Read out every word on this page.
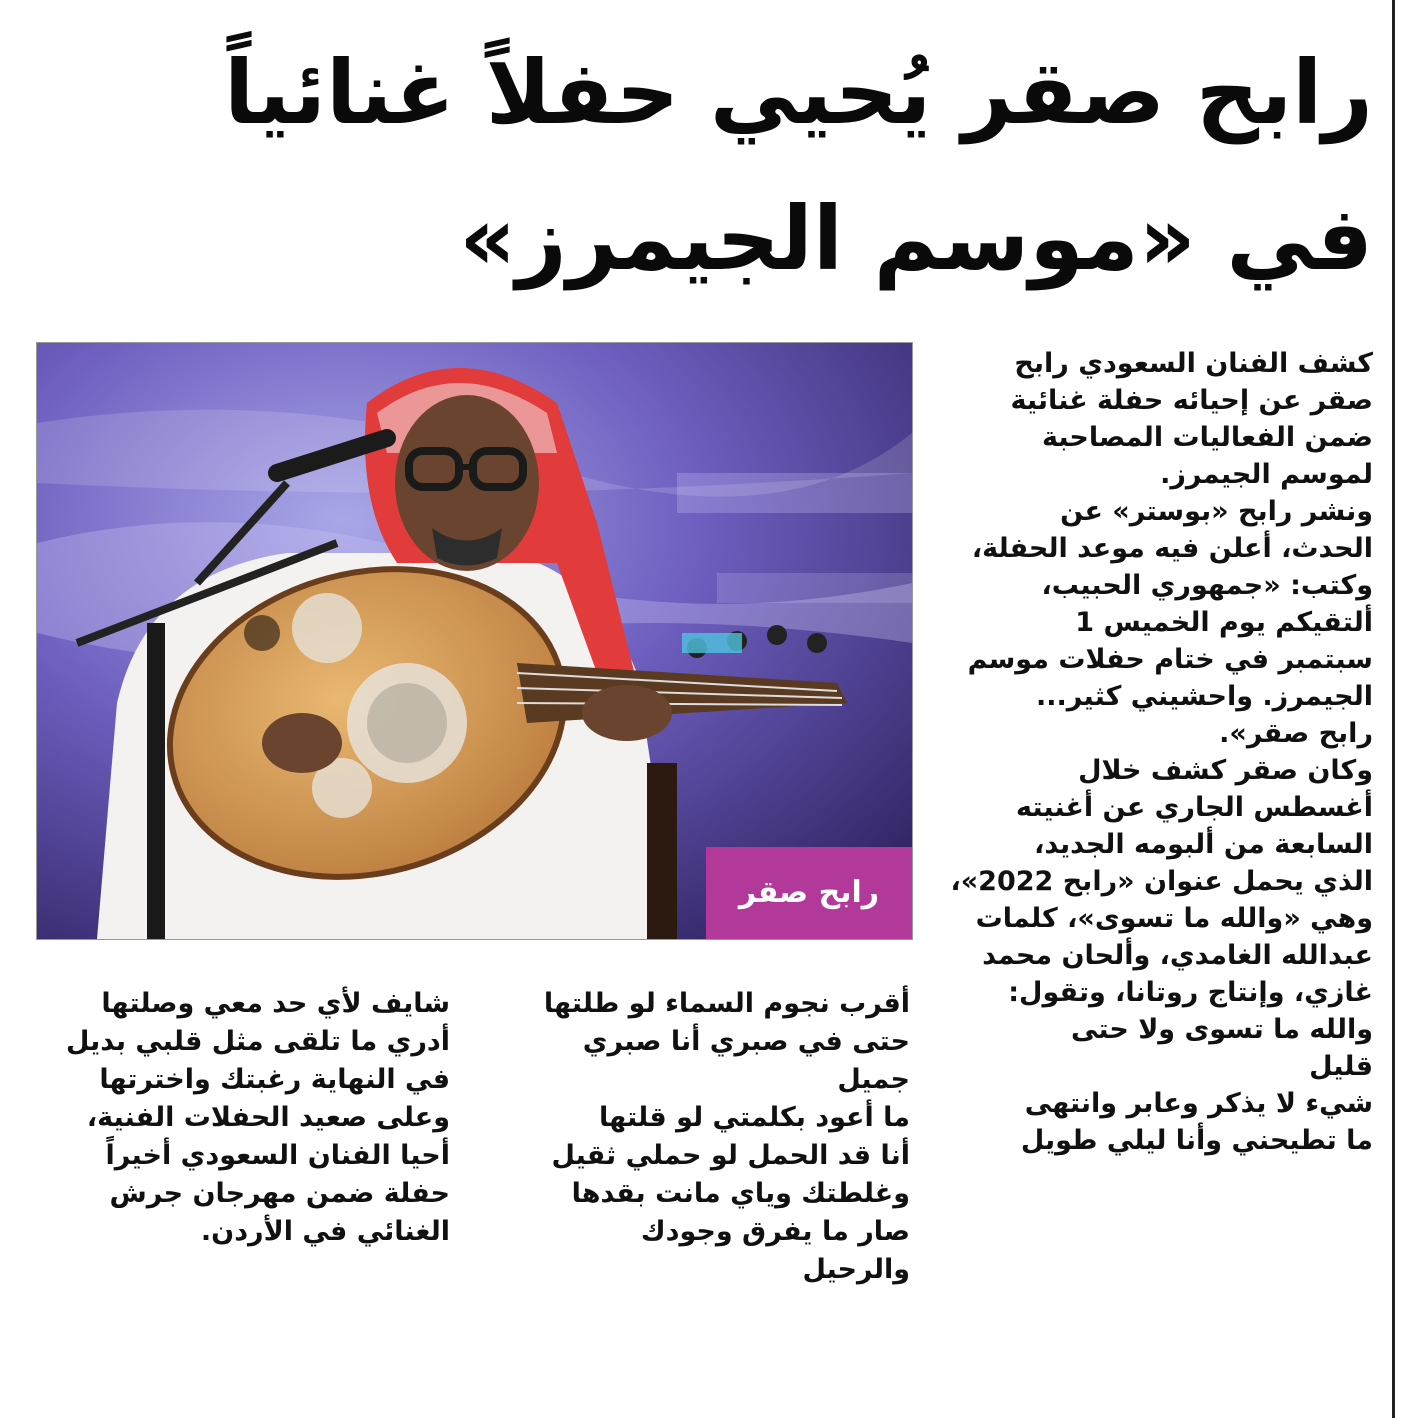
رابح صقر يُحيي حفلاً غنائياً
في «موسم الجيمرز»
رابح صقر
كشف الفنان السعودي رابح
صقر عن إحيائه حفلة غنائية
ضمن الفعاليات المصاحبة
لموسم الجيمرز.
ونشر رابح «بوستر» عن
الحدث، أعلن فيه موعد الحفلة،
وكتب: «جمهوري الحبيب،
ألتقيكم يوم الخميس 1
سبتمبر في ختام حفلات موسم
الجيمرز. واحشيني كثير...
رابح صقر».
وكان صقر كشف خلال
أغسطس الجاري عن أغنيته
السابعة من ألبومه الجديد،
الذي يحمل عنوان «رابح 2022»،
وهي «والله ما تسوى»، كلمات
عبدالله الغامدي، وألحان محمد
غازي، وإنتاج روتانا، وتقول:
والله ما تسوى ولا حتى
قليل
شيء لا يذكر وعابر وانتهى
ما تطيحني وأنا ليلي طويل
أقرب نجوم السماء لو طلتها
حتى في صبري أنا صبري
جميل
ما أعود بكلمتي لو قلتها
أنا قد الحمل لو حملي ثقيل
وغلطتك وياي مانت بقدها
صار ما يفرق وجودك
والرحيل
شايف لأي حد معي وصلتها
أدري ما تلقى مثل قلبي بديل
في النهاية رغبتك واخترتها
وعلى صعيد الحفلات الفنية،
أحيا الفنان السعودي أخيراً
حفلة ضمن مهرجان جرش
الغنائي في الأردن.
